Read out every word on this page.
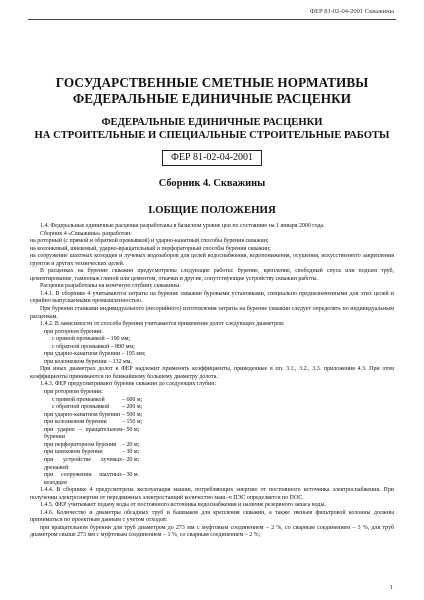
ФЕР 81-02-04-2001 Скважины
ГОСУДАРСТВЕННЫЕ СМЕТНЫЕ НОРМАТИВЫ
ФЕДЕРАЛЬНЫЕ ЕДИНИЧНЫЕ РАСЦЕНКИ
ФЕДЕРАЛЬНЫЕ ЕДИНИЧНЫЕ РАСЦЕНКИ
НА СТРОИТЕЛЬНЫЕ И СПЕЦИАЛЬНЫЕ СТРОИТЕЛЬНЫЕ РАБОТЫ
ФЕР 81-02-04-2001
Сборник 4. Скважины
I.ОБЩИЕ ПОЛОЖЕНИЯ
1.4. Федеральные единичные расценки разработаны в базисном уровне цен по состоянию на 1 января 2000 года.
Сборник 4 «Скважины» разработан:
на роторный (с прямой и обратной промывкой) и ударно-канатный способы бурения скважин;
на колонковый, шнековый, ударно-вращательный и перфораторный способы бурения скважин;
на сооружение шахтных колодцев и лучевых водозаборов для целей водоснабжения, водопонижения, осушения, искусственного закрепления грунтов и других технических целей.
В расценках на бурение скважин предусмотрены следующие работы: бурение, крепление, свободный спуск или подъем труб, цементирование, тампонаж глиной или цементом, откачки и другие, сопутствующие устройству скважин работы.
Расценки разработаны на конечную глубину скважины.
1.4.1. В сборнике 4 учитываются затраты на бурение скважин буровыми установками, специально предназначенными для этих целей и серийно выпускаемыми промышленностью.
При бурении станками индивидуального (несерийного) изготовления затраты на бурение скважин следует определять по индивидуальным расценкам.
1.4.2. В зависимости от способа бурения учитывается применение долот следующих диаметров:
при роторном бурении:
с прямой промывкой – 190 мм;
с обратной промывкой – 800 мм;
при ударно-канатном бурении – 195 мм;
при колонковом бурении – 132 мм.
При иных диаметрах долот к ФЕР надлежит применять коэффициенты, приведенные в пп. 3.1., 3.2., 3.3. приложения 4.3. При этом коэффициенты принимаются по ближайшему большему диаметру долота.
1.4.3. ФЕР предусматривают бурение скважин до следующих глубин:
при роторном бурении:
с прямой промывкой	– 600 м;
с обратной промывкой	– 200 м;
при ударно-канатном бурении – 500 м;
при колонковом бурении	– 150 м;
при ударно – вращательном бурении
– 50 м;
при перфораторном бурении – 20 м;
при шнековом бурении	– 30 м;
при устройстве лучевых дренажей
– 20 м;
при сооружении шахтных колодцев
– 30 м.
1.4.4. В сборнике 4 предусмотрена эксплуатация машин, потребляющих энергию от постоянного источника электроснабжения. При получении электроэнергии от передвижных электростанций количество маш.-ч ПЭС определяется по ПОС.
1.4.5. ФЕР учитывают подачу воды от постоянного источника водоснабжения и наличие резервного запаса воды.
1.4.6. Количество и диаметры обсадных труб и башмаков для крепления скважин, а также звеньев фильтровой колонны должны приниматься по проектным данным с учетом отходов:
при вращательном бурении для труб диаметром до 273 мм с муфтовым соединением – 2 %, со сварным соединением – 3 %, для труб диаметром свыше 273 мм с муфтовым соединением – 1 %, со сварным соединением – 2 %;
1
